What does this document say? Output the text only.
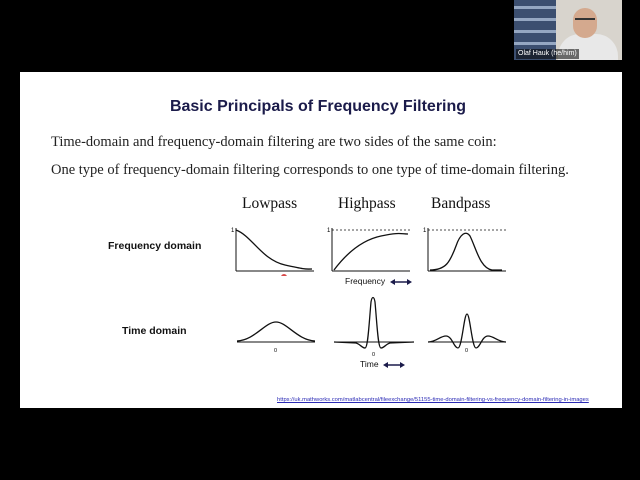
Olaf Hauk (he/him)
Basic Principals of Frequency Filtering
Time-domain and frequency-domain filtering are two sides of the same coin:
One type of frequency-domain filtering corresponds to one type of time-domain filtering.
Lowpass	Highpass Bandpass
Frequency domain
Time domain
1	1	1
Frequency
0
0
0
Time
https://uk.mathworks.com/matlabcentral/fileexchange/51155-time-domain-filtering-vs-frequency-domain-filtering-in-images
